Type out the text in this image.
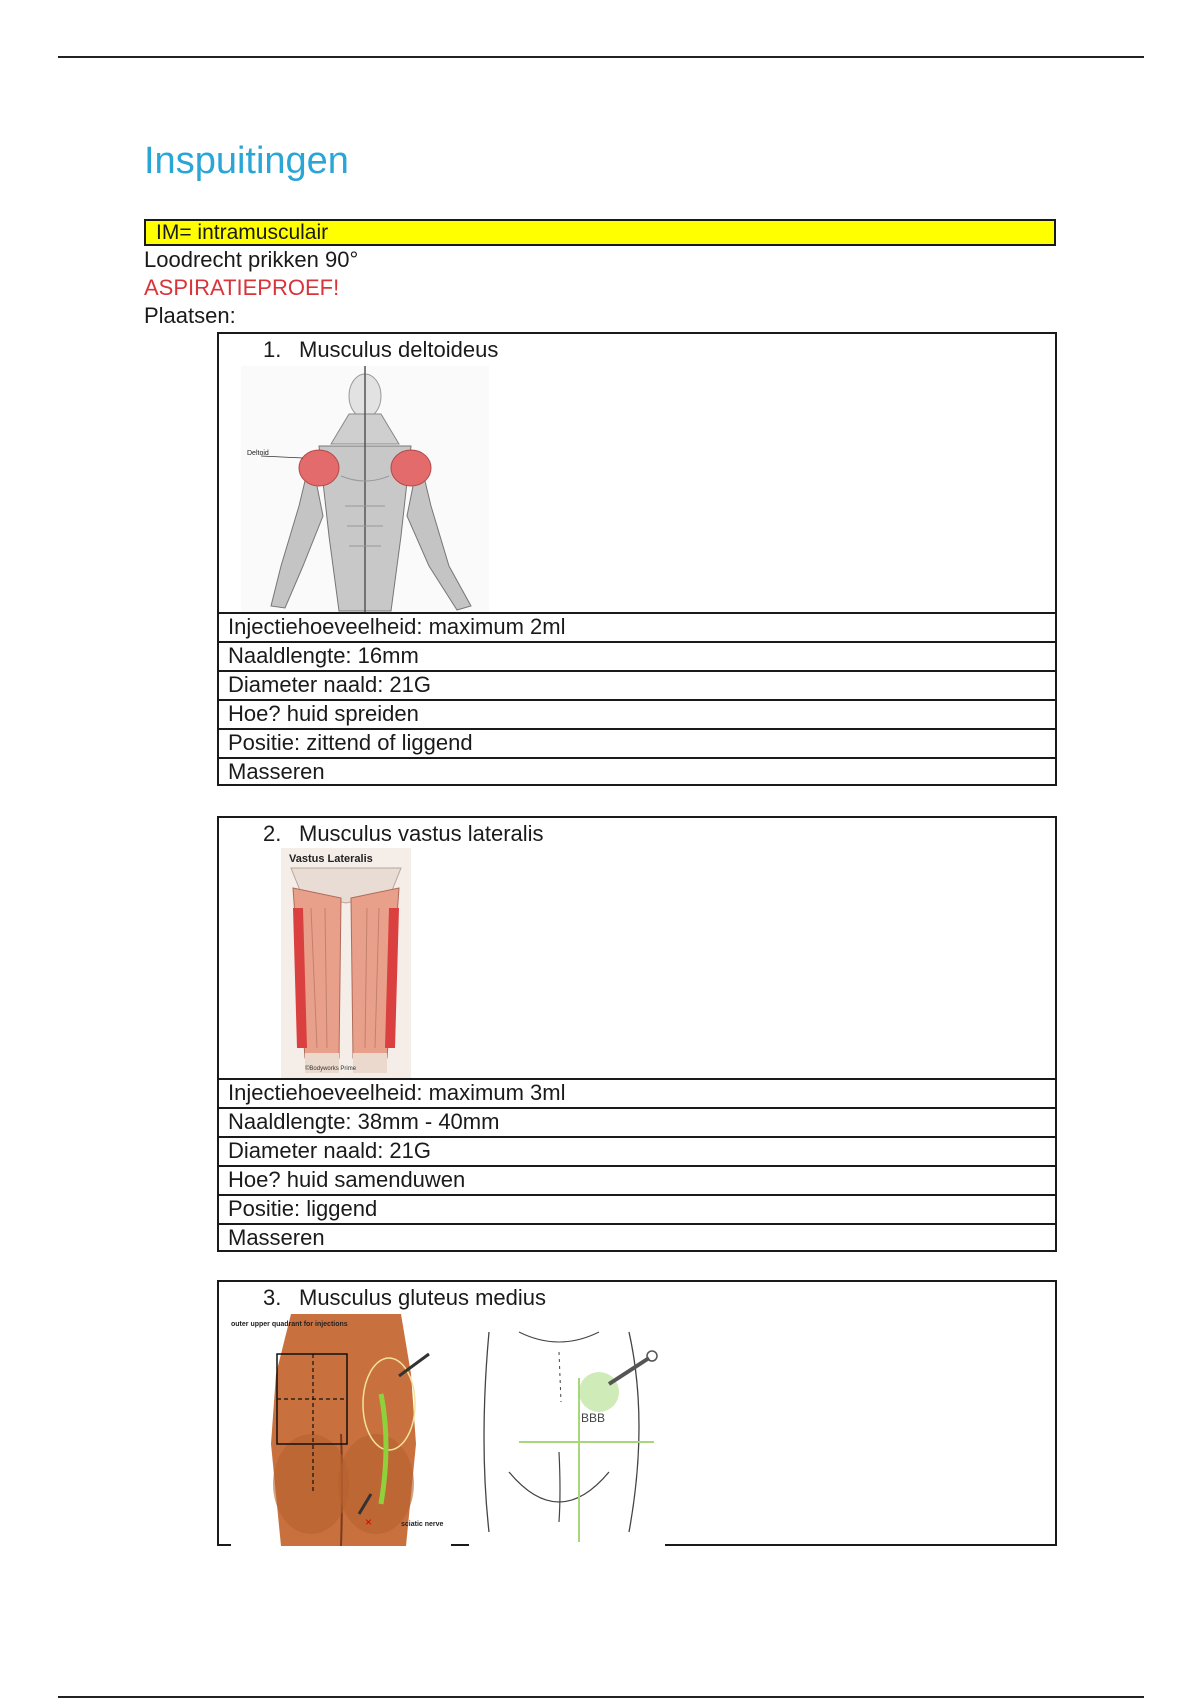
Inspuitingen
IM= intramusculair
Loodrecht prikken 90°
ASPIRATIEPROEF!
Plaatsen:
1. Musculus deltoideus
Deltoid
Injectiehoeveelheid: maximum 2ml
Naaldlengte: 16mm
Diameter naald: 21G
Hoe? huid spreiden
Positie: zittend of liggend
Masseren
2. Musculus vastus lateralis
Vastus Lateralis
©Bodyworks Prime
Injectiehoeveelheid: maximum 3ml
Naaldlengte: 38mm - 40mm
Diameter naald: 21G
Hoe? huid samenduwen
Positie: liggend
Masseren
3. Musculus gluteus medius
×
outer upper quadrant for injections
sciatic nerve
BBB
